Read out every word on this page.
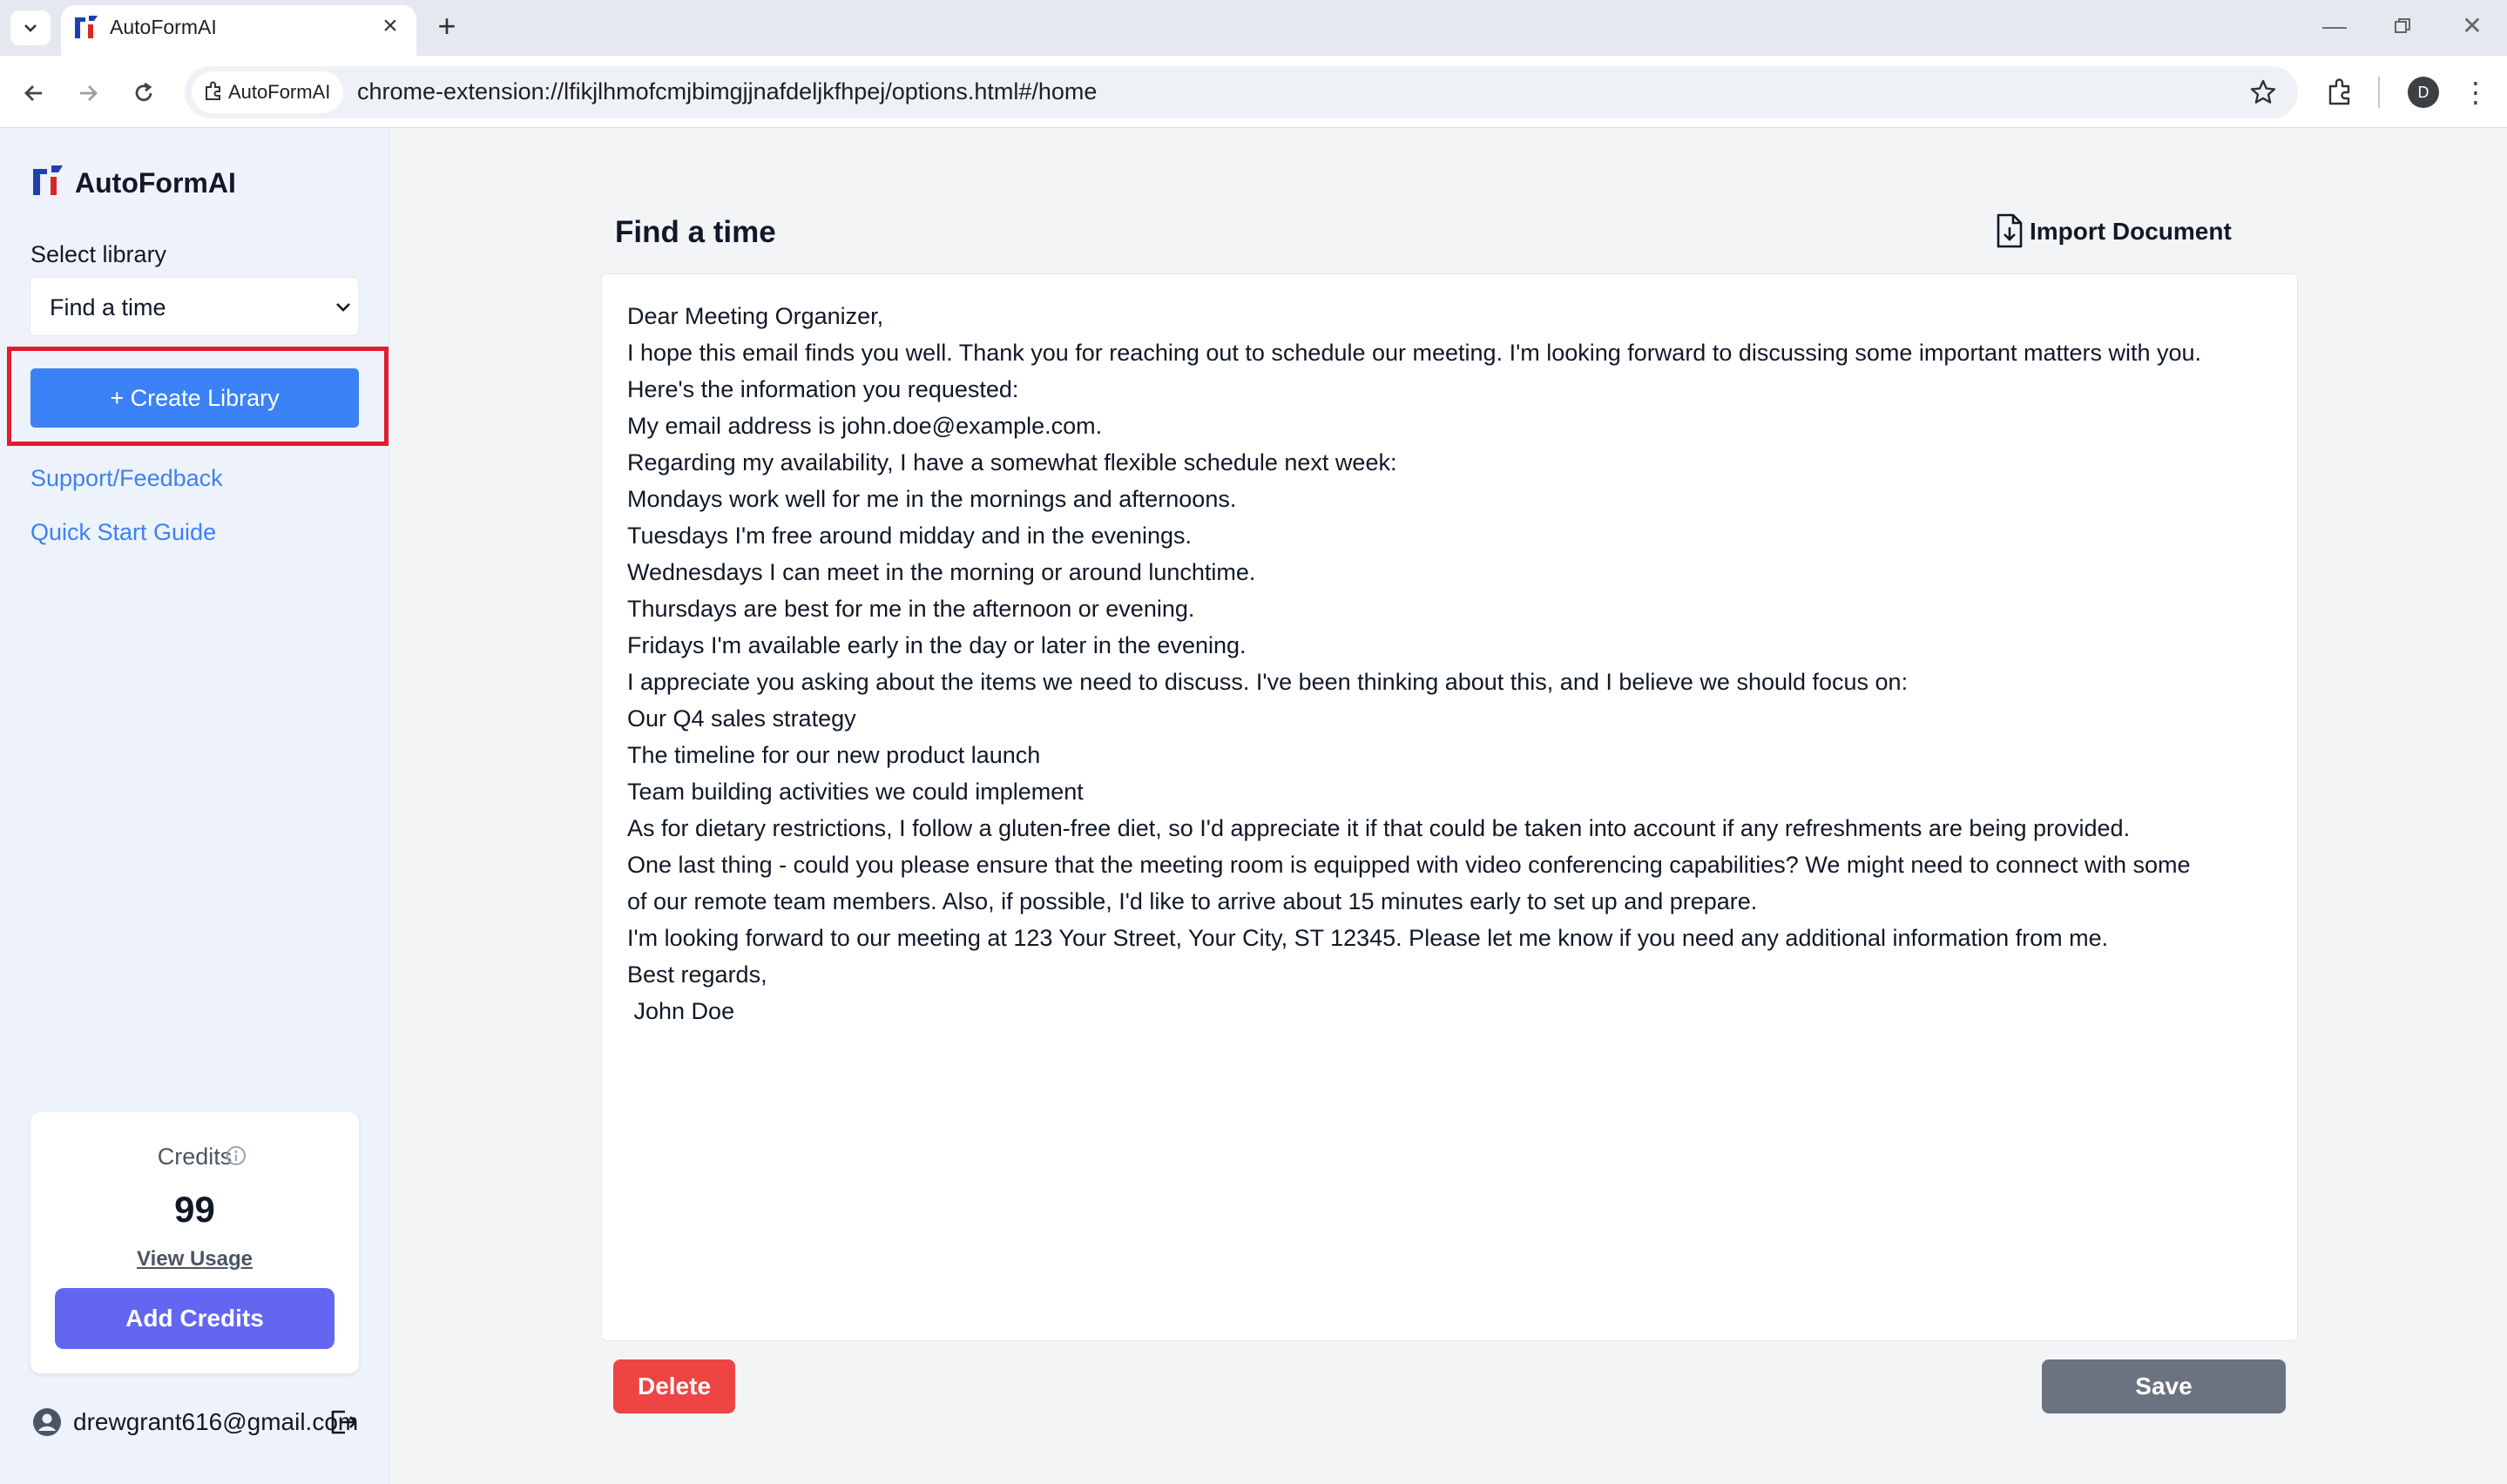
AutoFormAI	× +	—	✕
AutoFormAI chrome-extension://lfikjlhmofcmjbimgjjnafdeljkfhpej/options.html#/home	D	⋮
AutoFormAI
Select library
Find a time
+ Create Library
Support/Feedback
Quick Start Guide
Credits
99
View Usage
Add Credits
drewgrant616@gmail.com
Find a time	Import Document
Dear Meeting Organizer,
I hope this email finds you well. Thank you for reaching out to schedule our meeting. I'm looking forward to discussing some important matters with you.
Here's the information you requested:
My email address is john.doe@example.com.
Regarding my availability, I have a somewhat flexible schedule next week:
Mondays work well for me in the mornings and afternoons.
Tuesdays I'm free around midday and in the evenings.
Wednesdays I can meet in the morning or around lunchtime.
Thursdays are best for me in the afternoon or evening.
Fridays I'm available early in the day or later in the evening.
I appreciate you asking about the items we need to discuss. I've been thinking about this, and I believe we should focus on:
Our Q4 sales strategy
The timeline for our new product launch
Team building activities we could implement
As for dietary restrictions, I follow a gluten-free diet, so I'd appreciate it if that could be taken into account if any refreshments are being provided.
One last thing - could you please ensure that the meeting room is equipped with video conferencing capabilities? We might need to connect with some
of our remote team members. Also, if possible, I'd like to arrive about 15 minutes early to set up and prepare.
I'm looking forward to our meeting at 123 Your Street, Your City, ST 12345. Please let me know if you need any additional information from me.
Best regards,
John Doe
Delete	Save
